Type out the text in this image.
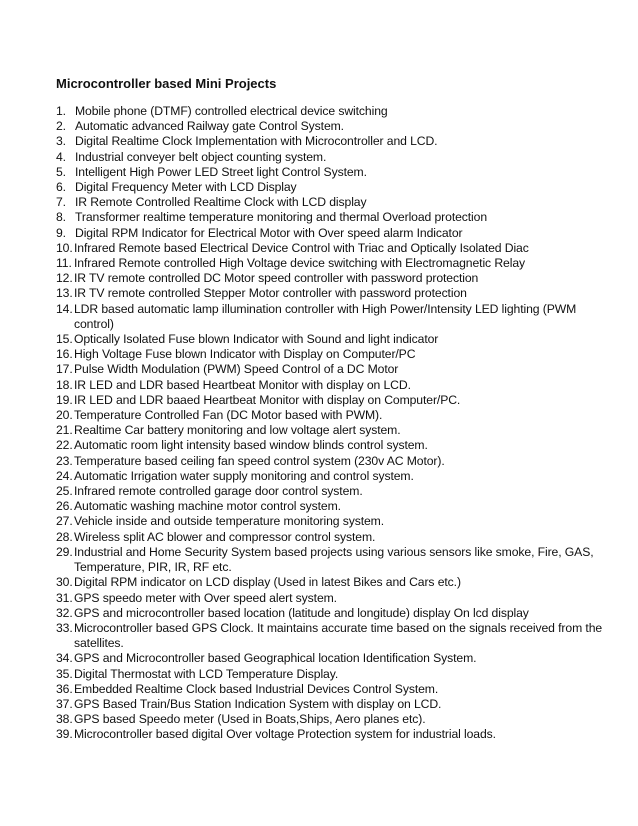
Microcontroller based Mini Projects
1. Mobile phone (DTMF) controlled electrical device switching
2. Automatic advanced Railway gate Control System.
3. Digital Realtime Clock Implementation with Microcontroller and LCD.
4. Industrial conveyer belt object counting system.
5. Intelligent High Power LED Street light Control System.
6. Digital Frequency Meter with LCD Display
7. IR Remote Controlled Realtime Clock with LCD display
8. Transformer realtime temperature monitoring and thermal Overload protection
9. Digital RPM Indicator for Electrical Motor with Over speed alarm Indicator
10. Infrared Remote based Electrical Device Control with Triac and Optically Isolated Diac
11. Infrared Remote controlled High Voltage device switching with Electromagnetic Relay
12. IR TV remote controlled DC Motor speed controller with password protection
13. IR TV remote controlled Stepper Motor controller with password protection
14. LDR based automatic lamp illumination controller with High Power/Intensity LED lighting (PWM control)
15. Optically Isolated Fuse blown Indicator with Sound and light indicator
16. High Voltage Fuse blown Indicator with Display on Computer/PC
17. Pulse Width Modulation (PWM) Speed Control of a DC Motor
18. IR LED and LDR based Heartbeat Monitor with display on LCD.
19. IR LED and LDR baaed Heartbeat Monitor with display on Computer/PC.
20. Temperature Controlled Fan (DC Motor based with PWM).
21. Realtime Car battery monitoring and low voltage alert system.
22. Automatic room light intensity based window blinds control system.
23. Temperature based ceiling fan speed control system (230v AC Motor).
24. Automatic Irrigation water supply monitoring and control system.
25. Infrared remote controlled garage door control system.
26. Automatic washing machine motor control system.
27. Vehicle inside and outside temperature monitoring system.
28. Wireless split AC blower and compressor control system.
29. Industrial and Home Security System based projects using various sensors like smoke, Fire, GAS, Temperature, PIR, IR, RF etc.
30. Digital RPM indicator on LCD display (Used in latest Bikes and Cars etc.)
31. GPS speedo meter with Over speed alert system.
32. GPS and microcontroller based location (latitude and longitude) display On lcd display
33. Microcontroller based GPS Clock. It maintains accurate time based on the signals received from the satellites.
34. GPS and Microcontroller based Geographical location Identification System.
35. Digital Thermostat with LCD Temperature Display.
36. Embedded Realtime Clock based Industrial Devices Control System.
37. GPS Based Train/Bus Station Indication System with display on LCD.
38. GPS based Speedo meter (Used in Boats,Ships, Aero planes etc).
39. Microcontroller based digital Over voltage Protection system for industrial loads.
